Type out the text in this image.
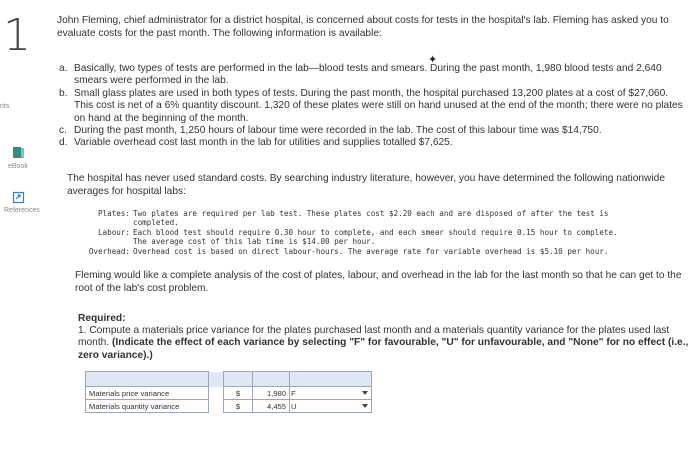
1
nts
eBook
References
John Fleming, chief administrator for a district hospital, is concerned about costs for tests in the hospital's lab. Fleming has asked you to evaluate costs for the past month. The following information is available:
✦
a. Basically, two types of tests are performed in the lab—blood tests and smears. During the past month, 1,980 blood tests and 2,640 smears were performed in the lab.
b. Small glass plates are used in both types of tests. During the past month, the hospital purchased 13,200 plates at a cost of $27,060. This cost is net of a 6% quantity discount. 1,320 of these plates were still on hand unused at the end of the month; there were no plates on hand at the beginning of the month.
c. During the past month, 1,250 hours of labour time were recorded in the lab. The cost of this labour time was $14,750.
d. Variable overhead cost last month in the lab for utilities and supplies totalled $7,625.
The hospital has never used standard costs. By searching industry literature, however, you have determined the following nationwide averages for hospital labs:
Plates: Two plates are required per lab test. These plates cost $2.20 each and are disposed of after the test is
completed.
Labour: Each blood test should require 0.30 hour to complete, and each smear should require 0.15 hour to complete.
The average cost of this lab time is $14.00 per hour.
Overhead: Overhead cost is based on direct labour-hours. The average rate for variable overhead is $5.10 per hour.
Fleming would like a complete analysis of the cost of plates, labour, and overhead in the lab for the last month so that he can get to the root of the lab's cost problem.
Required:
1. Compute a materials price variance for the plates purchased last month and a materials quantity variance for the plates used last month. (Indicate the effect of each variance by selecting "F" for favourable, "U" for unfavourable, and "None" for no effect (i.e., zero variance).)

Materials price variance		$	1,980	F

Materials quantity variance		$	4,455	U
